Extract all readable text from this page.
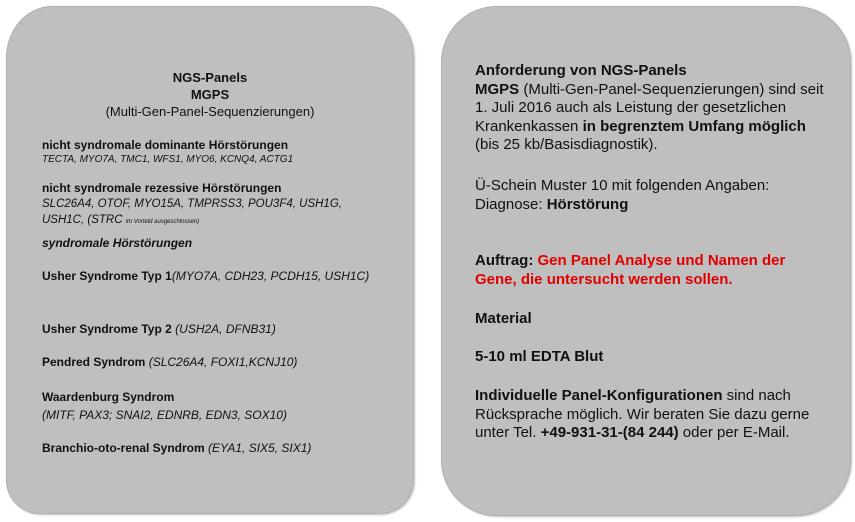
NGS-Panels
MGPS
(Multi-Gen-Panel-Sequenzierungen)
nicht syndromale dominante Hörstörungen
TECTA, MYO7A, TMC1, WFS1, MYO6, KCNQ4, ACTG1
nicht syndromale rezessive Hörstörungen
SLC26A4, OTOF, MYO15A, TMPRSS3, POU3F4, USH1G,
USH1C, (STRC im Vorteld ausgeschlossen)
syndromale Hörstörungen
Usher Syndrome Typ 1(MYO7A, CDH23, PCDH15, USH1C)
Usher Syndrome Typ 2 (USH2A, DFNB31)
Pendred Syndrom (SLC26A4, FOXI1,KCNJ10)
Waardenburg Syndrom
(MITF, PAX3; SNAI2, EDNRB, EDN3, SOX10)
Branchio-oto-renal Syndrom (EYA1, SIX5, SIX1)
Anforderung von NGS-Panels
MGPS (Multi-Gen-Panel-Sequenzierungen) sind seit 1. Juli 2016 auch als Leistung der gesetzlichen Krankenkassen in begrenztem Umfang möglich (bis 25 kb/Basisdiagnostik).
Ü-Schein Muster 10 mit folgenden Angaben:
Diagnose: Hörstörung
Auftrag: Gen Panel Analyse und Namen der Gene, die untersucht werden sollen.
Material
5-10 ml EDTA Blut
Individuelle Panel-Konfigurationen sind nach Rücksprache möglich. Wir beraten Sie dazu gerne unter Tel. +49-931-31-(84 244) oder per E-Mail.
